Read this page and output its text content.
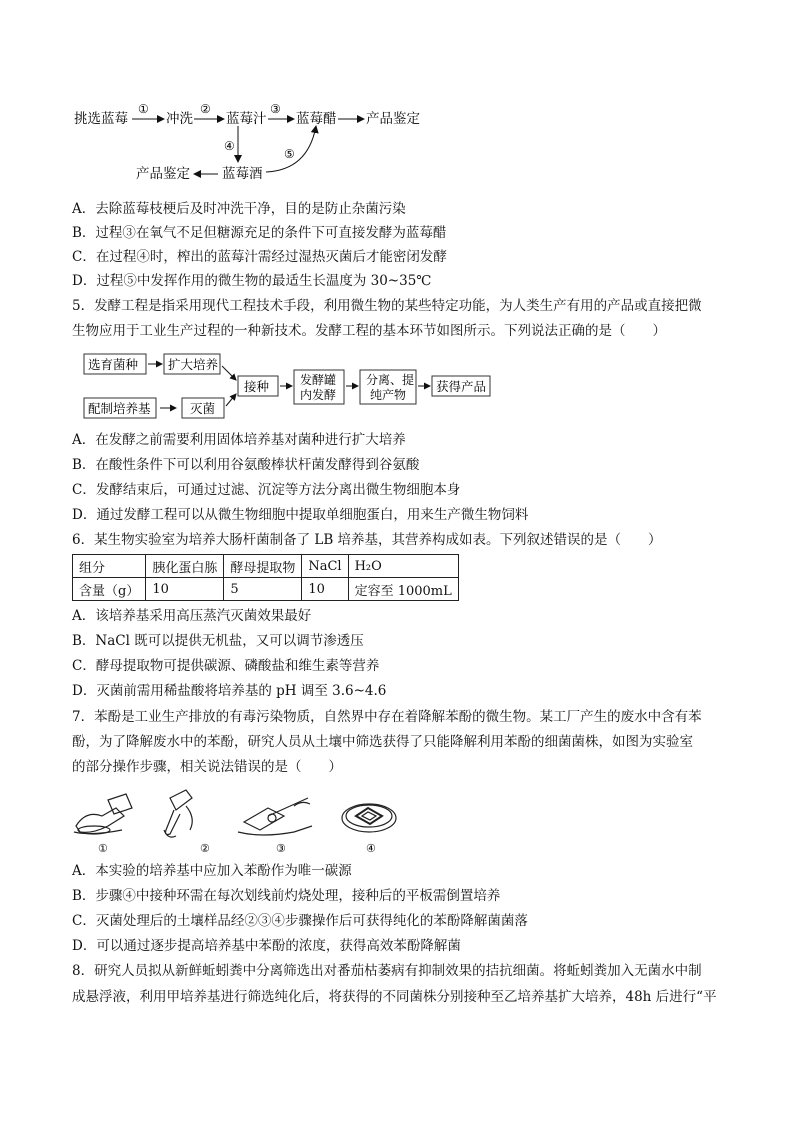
挑选蓝莓
①
冲洗
②
蓝莓汁
③
蓝莓醋 产品鉴定
④
蓝莓酒
⑤
产品鉴定
A．去除蓝莓枝梗后及时冲洗干净，目的是防止杂菌污染
B．过程③在氧气不足但糖源充足的条件下可直接发酵为蓝莓醋
C．在过程④时，榨出的蓝莓汁需经过湿热灭菌后才能密闭发酵
D．过程⑤中发挥作用的微生物的最适生长温度为 30~35℃
5．发酵工程是指采用现代工程技术手段，利用微生物的某些特定功能，为人类生产有用的产品或直接把微
生物应用于工业生产过程的一种新技术。发酵工程的基本环节如图所示。下列说法正确的是（　　）
选育菌种 扩大培养
配制培养基	灭菌
接种	发酵罐
内发酵
分离、提
纯产物
获得产品
A．在发酵之前需要利用固体培养基对菌种进行扩大培养
B．在酸性条件下可以利用谷氨酸棒状杆菌发酵得到谷氨酸
C．发酵结束后，可通过过滤、沉淀等方法分离出微生物细胞本身
D．通过发酵工程可以从微生物细胞中提取单细胞蛋白，用来生产微生物饲料
6．某生物实验室为培养大肠杆菌制备了 LB 培养基，其营养构成如表。下列叙述错误的是（　　）
组分	胰化蛋白胨	酵母提取物	NaCl	H₂O
含量（g）	10	5	10	定容至 1000mL
A．该培养基采用高压蒸汽灭菌效果最好
B．NaCl 既可以提供无机盐，又可以调节渗透压
C．酵母提取物可提供碳源、磷酸盐和维生素等营养
D．灭菌前需用稀盐酸将培养基的 pH 调至 3.6~4.6
7．苯酚是工业生产排放的有毒污染物质，自然界中存在着降解苯酚的微生物。某工厂产生的废水中含有苯
酚，为了降解废水中的苯酚，研究人员从土壤中筛选获得了只能降解利用苯酚的细菌菌株，如图为实验室
的部分操作步骤，相关说法错误的是（　　）
①	②	③	④
A．本实验的培养基中应加入苯酚作为唯一碳源
B．步骤④中接种环需在每次划线前灼烧处理，接种后的平板需倒置培养
C．灭菌处理后的土壤样品经②③④步骤操作后可获得纯化的苯酚降解菌菌落
D．可以通过逐步提高培养基中苯酚的浓度，获得高效苯酚降解菌
8．研究人员拟从新鲜蚯蚓粪中分离筛选出对番茄枯萎病有抑制效果的拮抗细菌。将蚯蚓粪加入无菌水中制
成悬浮液，利用甲培养基进行筛选纯化后，将获得的不同菌株分别接种至乙培养基扩大培养，48h 后进行“平
